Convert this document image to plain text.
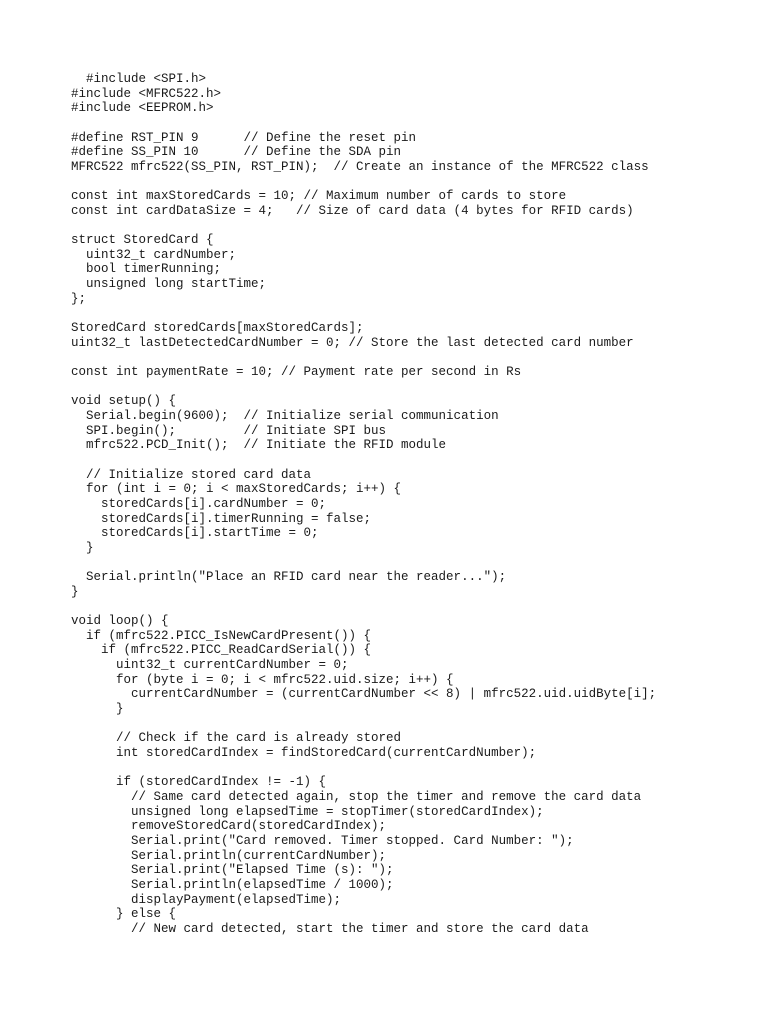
#include <SPI.h>
#include <MFRC522.h>
#include <EEPROM.h>
#define RST_PIN 9      // Define the reset pin
#define SS_PIN 10      // Define the SDA pin
MFRC522 mfrc522(SS_PIN, RST_PIN);  // Create an instance of the MFRC522 class
const int maxStoredCards = 10; // Maximum number of cards to store
const int cardDataSize = 4;   // Size of card data (4 bytes for RFID cards)
struct StoredCard {
uint32_t cardNumber;
bool timerRunning;
unsigned long startTime;
};
StoredCard storedCards[maxStoredCards];
uint32_t lastDetectedCardNumber = 0; // Store the last detected card number
const int paymentRate = 10; // Payment rate per second in Rs
void setup() {
Serial.begin(9600);  // Initialize serial communication
SPI.begin();         // Initiate SPI bus
mfrc522.PCD_Init();  // Initiate the RFID module
// Initialize stored card data
for (int i = 0; i < maxStoredCards; i++) {
storedCards[i].cardNumber = 0;
storedCards[i].timerRunning = false;
storedCards[i].startTime = 0;
}
Serial.println("Place an RFID card near the reader...");
}
void loop() {
if (mfrc522.PICC_IsNewCardPresent()) {
if (mfrc522.PICC_ReadCardSerial()) {
uint32_t currentCardNumber = 0;
for (byte i = 0; i < mfrc522.uid.size; i++) {
currentCardNumber = (currentCardNumber << 8) | mfrc522.uid.uidByte[i];
}
// Check if the card is already stored
int storedCardIndex = findStoredCard(currentCardNumber);
if (storedCardIndex != -1) {
// Same card detected again, stop the timer and remove the card data
unsigned long elapsedTime = stopTimer(storedCardIndex);
removeStoredCard(storedCardIndex);
Serial.print("Card removed. Timer stopped. Card Number: ");
Serial.println(currentCardNumber);
Serial.print("Elapsed Time (s): ");
Serial.println(elapsedTime / 1000);
displayPayment(elapsedTime);
} else {
// New card detected, start the timer and store the card data
